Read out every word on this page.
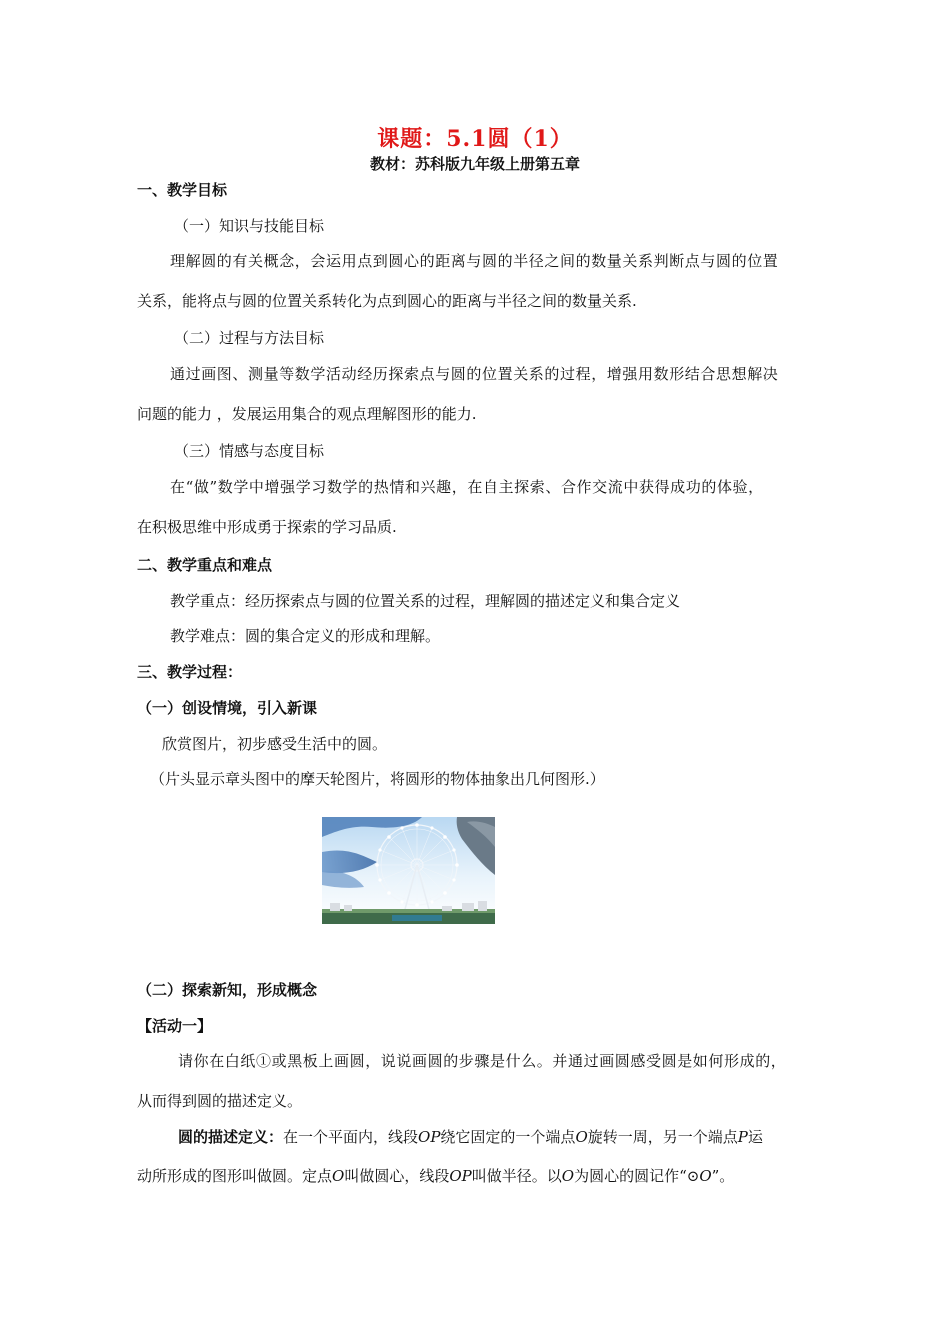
课题：5.1圆（1）
教材：苏科版九年级上册第五章
一、教学目标
（一）知识与技能目标
理解圆的有关概念，会运用点到圆心的距离与圆的半径之间的数量关系判断点与圆的位置
关系，能将点与圆的位置关系转化为点到圆心的距离与半径之间的数量关系.
（二）过程与方法目标
通过画图、测量等数学活动经历探索点与圆的位置关系的过程，增强用数形结合思想解决
问题的能力 ，发展运用集合的观点理解图形的能力.
（三）情感与态度目标
在“做”数学中增强学习数学的热情和兴趣，在自主探索、合作交流中获得成功的体验，
在积极思维中形成勇于探索的学习品质.
二、教学重点和难点
教学重点：经历探索点与圆的位置关系的过程，理解圆的描述定义和集合定义
教学难点：圆的集合定义的形成和理解。
三、教学过程：
（一）创设情境，引入新课
欣赏图片，初步感受生活中的圆。
（片头显示章头图中的摩天轮图片，将圆形的物体抽象出几何图形.）
（二）探索新知，形成概念
【活动一】
请你在白纸①或黑板上画圆，说说画圆的步骤是什么。并通过画圆感受圆是如何形成的，
从而得到圆的描述定义。
圆的描述定义：在一个平面内，线段OP绕它固定的一个端点O旋转一周，另一个端点P运
动所形成的图形叫做圆。定点O叫做圆心，线段OP叫做半径。以O为圆心的圆记作“⊙O”。
